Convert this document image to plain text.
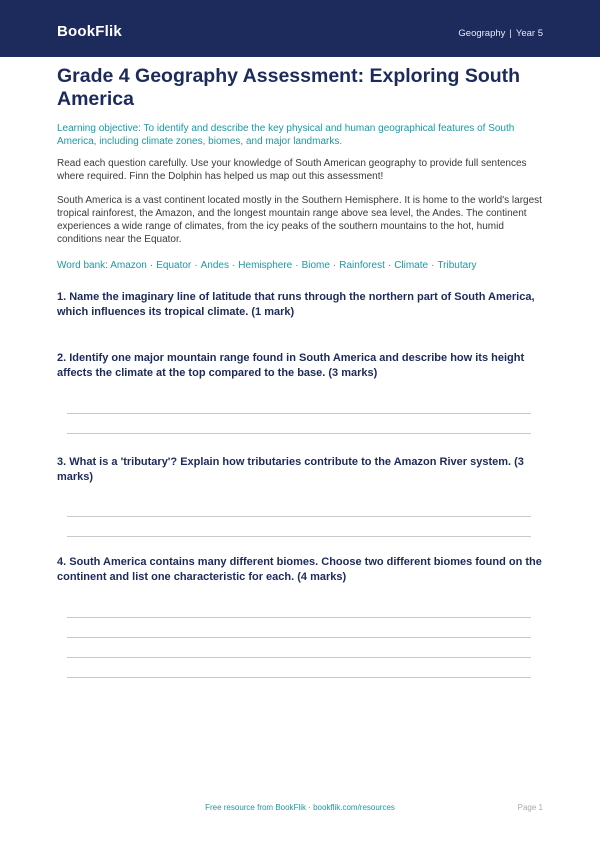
BookFlik	Geography | Year 5
Grade 4 Geography Assessment: Exploring South America

Learning objective: To identify and describe the key physical and human geographical features of South America, including climate zones, biomes, and major landmarks.

Read each question carefully. Use your knowledge of South American geography to provide full sentences where required. Finn the Dolphin has helped us map out this assessment!

South America is a vast continent located mostly in the Southern Hemisphere. It is home to the world's largest tropical rainforest, the Amazon, and the longest mountain range above sea level, the Andes. The continent experiences a wide range of climates, from the icy peaks of the southern mountains to the hot, humid conditions near the Equator.

Word bank: Amazon · Equator · Andes · Hemisphere · Biome · Rainforest · Climate · Tributary

1. Name the imaginary line of latitude that runs through the northern part of South America, which influences its tropical climate. (1 mark)

2. Identify one major mountain range found in South America and describe how its height affects the climate at the top compared to the base. (3 marks)

3. What is a 'tributary'? Explain how tributaries contribute to the Amazon River system. (3 marks)

4. South America contains many different biomes. Choose two different biomes found on the continent and list one characteristic for each. (4 marks)

Free resource from BookFlik · bookflik.com/resources	Page 1
